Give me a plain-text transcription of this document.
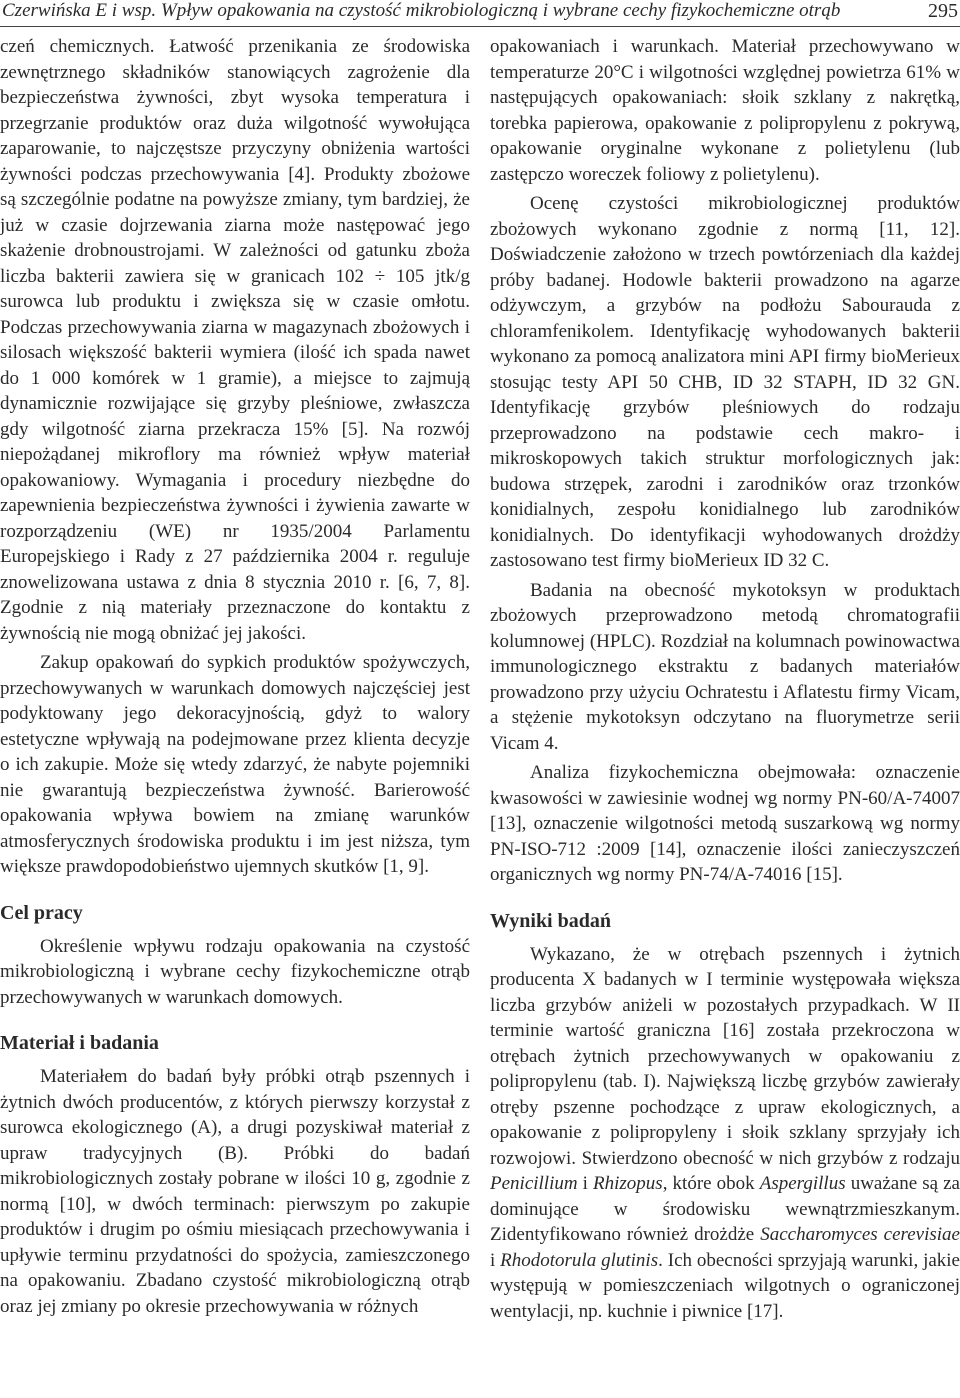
Czerwińska E i wsp. Wpływ opakowania na czystość mikrobiologiczną i wybrane cechy fizykochemiczne otrąb	295

czeń chemicznych. Łatwość przenikania ze środowiska zewnętrznego składników stanowiących zagrożenie dla bezpieczeństwa żywności, zbyt wysoka temperatura i przegrzanie produktów oraz duża wilgotność wywołująca zaparowanie, to najczęstsze przyczyny obniżenia wartości żywności podczas przechowywania [4]. Produkty zbożowe są szczególnie podatne na powyższe zmiany, tym bardziej, że już w czasie dojrzewania ziarna może następować jego skażenie drobnoustrojami. W zależności od gatunku zboża liczba bakterii zawiera się w granicach 102 ÷ 105 jtk/g surowca lub produktu i zwiększa się w czasie omłotu. Podczas przechowywania ziarna w magazynach zbożowych i silosach większość bakterii wymiera (ilość ich spada nawet do 1 000 komórek w 1 gramie), a miejsce to zajmują dynamicznie rozwijające się grzyby pleśniowe, zwłaszcza gdy wilgotność ziarna przekracza 15% [5]. Na rozwój niepożądanej mikroflory ma również wpływ materiał opakowaniowy. Wymagania i procedury niezbędne do zapewnienia bezpieczeństwa żywności i żywienia zawarte w rozporządzeniu (WE) nr 1935/2004 Parlamentu Europejskiego i Rady z 27 października 2004 r. reguluje znowelizowana ustawa z dnia 8 stycznia 2010 r. [6, 7, 8]. Zgodnie z nią materiały przeznaczone do kontaktu z żywnością nie mogą obniżać jej jakości.

Zakup opakowań do sypkich produktów spożywczych, przechowywanych w warunkach domowych najczęściej jest podyktowany jego dekoracyjnością, gdyż to walory estetyczne wpływają na podejmowane przez klienta decyzje o ich zakupie. Może się wtedy zdarzyć, że nabyte pojemniki nie gwarantują bezpieczeństwa żywność. Barierowość opakowania wpływa bowiem na zmianę warunków atmosferycznych środowiska produktu i im jest niższa, tym większe prawdopodobieństwo ujemnych skutków [1, 9].

Cel pracy

Określenie wpływu rodzaju opakowania na czystość mikrobiologiczną i wybrane cechy fizykochemiczne otrąb przechowywanych w warunkach domowych.

Materiał i badania

Materiałem do badań były próbki otrąb pszennych i żytnich dwóch producentów, z których pierwszy korzystał z surowca ekologicznego (A), a drugi pozyskiwał materiał z upraw tradycyjnych (B). Próbki do badań mikrobiologicznych zostały pobrane w ilości 10 g, zgodnie z normą [10], w dwóch terminach: pierwszym po zakupie produktów i drugim po ośmiu miesiącach przechowywania i upływie terminu przydatności do spożycia, zamieszczonego na opakowaniu. Zbadano czystość mikrobiologiczną otrąb oraz jej zmiany po okresie przechowywania w różnych

opakowaniach i warunkach. Materiał przechowywano w temperaturze 20°C i wilgotności względnej powietrza 61% w następujących opakowaniach: słoik szklany z nakrętką, torebka papierowa, opakowanie z polipropylenu z pokrywą, opakowanie oryginalne wykonane z polietylenu (lub zastępczo woreczek foliowy z polietylenu).

Ocenę czystości mikrobiologicznej produktów zbożowych wykonano zgodnie z normą [11, 12]. Doświadczenie założono w trzech powtórzeniach dla każdej próby badanej. Hodowle bakterii prowadzono na agarze odżywczym, a grzybów na podłożu Sabourauda z chloramfenikolem. Identyfikację wyhodowanych bakterii wykonano za pomocą analizatora mini API firmy bioMerieux stosując testy API 50 CHB, ID 32 STAPH, ID 32 GN. Identyfikację grzybów pleśniowych do rodzaju przeprowadzono na podstawie cech makro- i mikroskopowych takich struktur morfologicznych jak: budowa strzępek, zarodni i zarodników oraz trzonków konidialnych, zespołu konidialnego lub zarodników konidialnych. Do identyfikacji wyhodowanych drożdży zastosowano test firmy bioMerieux ID 32 C.

Badania na obecność mykotoksyn w produktach zbożowych przeprowadzono metodą chromatografii kolumnowej (HPLC). Rozdział na kolumnach powinowactwa immunologicznego ekstraktu z badanych materiałów prowadzono przy użyciu Ochratestu i Aflatestu firmy Vicam, a stężenie mykotoksyn odczytano na fluorymetrze serii Vicam 4.

Analiza fizykochemiczna obejmowała: oznaczenie kwasowości w zawiesinie wodnej wg normy PN-60/A-74007 [13], oznaczenie wilgotności metodą suszarkową wg normy PN-ISO-712 :2009 [14], oznaczenie ilości zanieczyszczeń organicznych wg normy PN-74/A-74016 [15].

Wyniki badań

Wykazano, że w otrębach pszennych i żytnich producenta X badanych w I terminie występowała większa liczba grzybów aniżeli w pozostałych przypadkach. W II terminie wartość graniczna [16] została przekroczona w otrębach żytnich przechowywanych w opakowaniu z polipropylenu (tab. I). Największą liczbę grzybów zawierały otręby pszenne pochodzące z upraw ekologicznych, a opakowanie z polipropyleny i słoik szklany sprzyjały ich rozwojowi. Stwierdzono obecność w nich grzybów z rodzaju Penicillium i Rhizopus, które obok Aspergillus uważane są za dominujące w środowisku wewnątrzmieszkanym. Zidentyfikowano również drożdże Saccharomyces cerevisiae i Rhodotorula glutinis. Ich obecności sprzyjają warunki, jakie występują w pomieszczeniach wilgotnych o ograniczonej wentylacji, np. kuchnie i piwnice [17].
